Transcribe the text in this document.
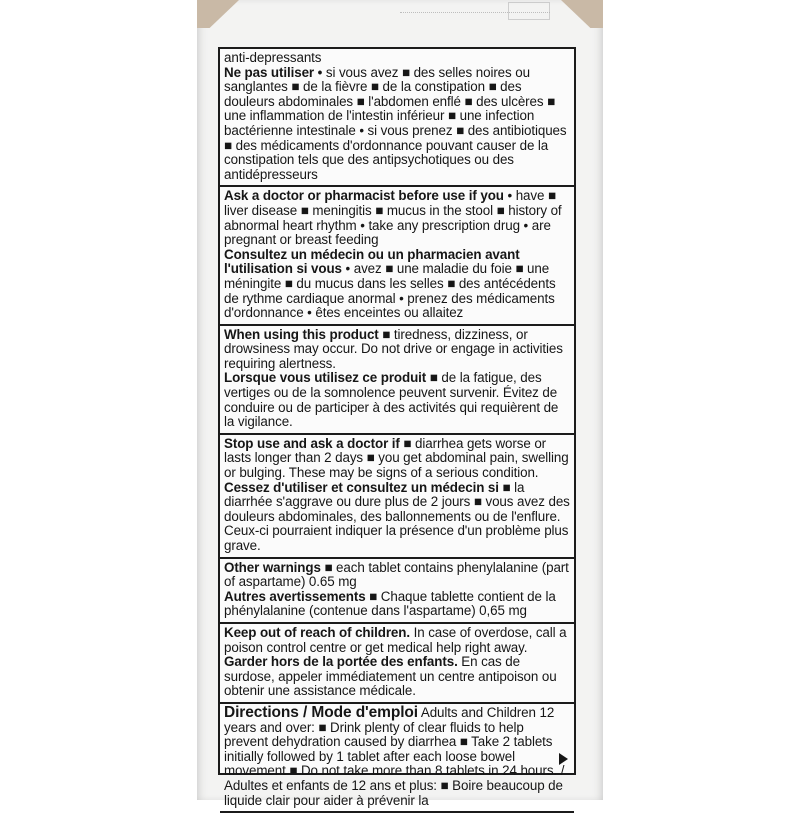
anti-depressants

Ne pas utiliser • si vous avez ■ des selles noires ou sanglantes ■ de la fièvre ■ de la constipation ■ des douleurs abdominales ■ l'abdomen enflé ■ des ulcères ■ une inflammation de l'intestin inférieur ■ une infection bactérienne intestinale • si vous prenez ■ des antibiotiques ■ des médicaments d'ordonnance pouvant causer de la constipation tels que des antipsychotiques ou des antidépresseurs

Ask a doctor or pharmacist before use if you • have ■ liver disease ■ meningitis ■ mucus in the stool ■ history of abnormal heart rhythm • take any prescription drug • are pregnant or breast feeding

Consultez un médecin ou un pharmacien avant l'utilisation si vous • avez ■ une maladie du foie ■ une méningite ■ du mucus dans les selles ■ des antécédents de rythme cardiaque anormal • prenez des médicaments d'ordonnance • êtes enceintes ou allaitez

When using this product ■ tiredness, dizziness, or drowsiness may occur. Do not drive or engage in activities requiring alertness.

Lorsque vous utilisez ce produit ■ de la fatigue, des vertiges ou de la somnolence peuvent survenir. Évitez de conduire ou de participer à des activités qui requièrent de la vigilance.

Stop use and ask a doctor if ■ diarrhea gets worse or lasts longer than 2 days ■ you get abdominal pain, swelling or bulging. These may be signs of a serious condition.

Cessez d'utiliser et consultez un médecin si ■ la diarrhée s'aggrave ou dure plus de 2 jours ■ vous avez des douleurs abdominales, des ballonnements ou de l'enflure. Ceux-ci pourraient indiquer la présence d'un problème plus grave.

Other warnings ■ each tablet contains phenylalanine (part of aspartame) 0.65 mg

Autres avertissements ■ Chaque tablette contient de la phénylalanine (contenue dans l'aspartame) 0,65 mg

Keep out of reach of children. In case of overdose, call a poison control centre or get medical help right away.

Garder hors de la portée des enfants. En cas de surdose, appeler immédiatement un centre antipoison ou obtenir une assistance médicale.

Directions / Mode d'emploi Adults and Children 12 years and over: ■ Drink plenty of clear fluids to help prevent dehydration caused by diarrhea ■ Take 2 tablets initially followed by 1 tablet after each loose bowel movement ■ Do not take more than 8 tablets in 24 hours. / Adultes et enfants de 12 ans et plus: ■ Boire beaucoup de liquide clair pour aider à prévenir la
